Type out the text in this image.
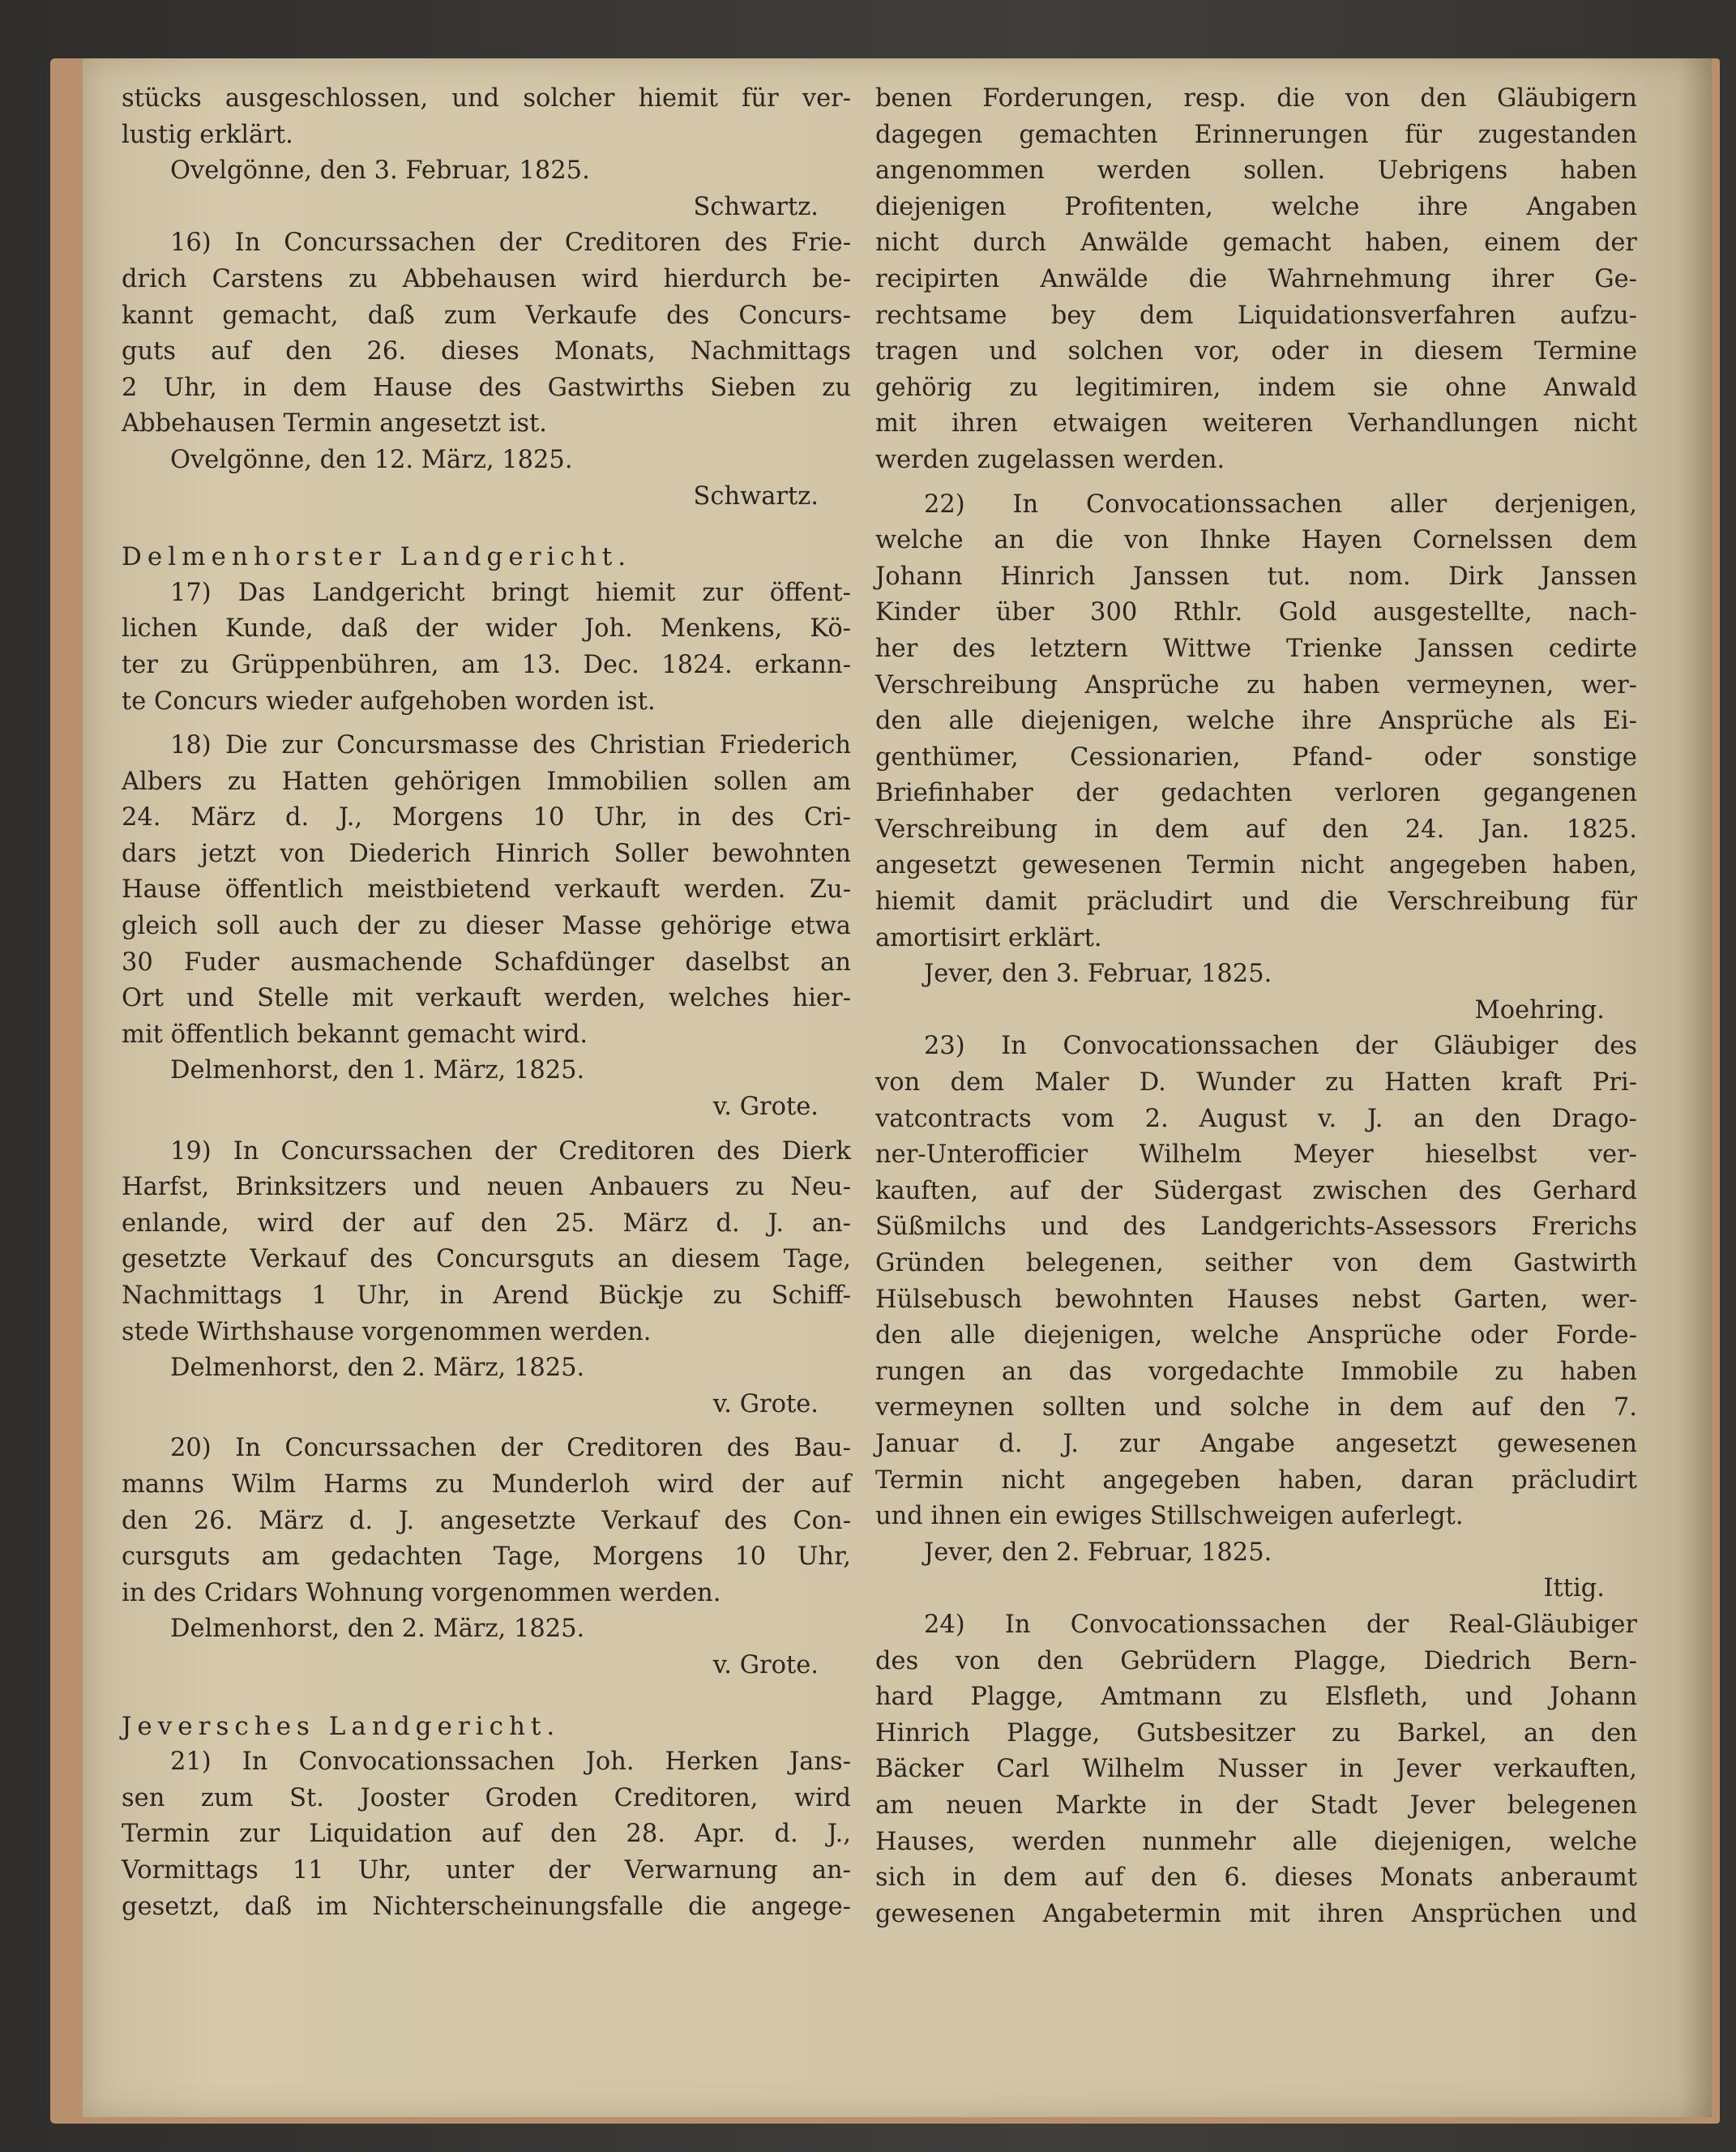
stücks ausgeschlossen, und solcher hiemit für ver-
lustig erklärt.

Ovelgönne, den 3. Februar, 1825.

Schwartz.

16) In Concurssachen der Creditoren des Frie-
drich Carstens zu Abbehausen wird hierdurch be-
kannt gemacht, daß zum Verkaufe des Concurs-
guts auf den 26. dieses Monats, Nachmittags
2 Uhr, in dem Hause des Gastwirths Sieben zu
Abbehausen Termin angesetzt ist.

Ovelgönne, den 12. März, 1825.

Schwartz.

Delmenhorster Landgericht.

17) Das Landgericht bringt hiemit zur öffent-
lichen Kunde, daß der wider Joh. Menkens, Kö-
ter zu Grüppenbühren, am 13. Dec. 1824. erkann-
te Concurs wieder aufgehoben worden ist.
18) Die zur Concursmasse des Christian Friederich
Albers zu Hatten gehörigen Immobilien sollen am
24. März d. J., Morgens 10 Uhr, in des Cri-
dars jetzt von Diederich Hinrich Soller bewohnten
Hause öffentlich meistbietend verkauft werden. Zu-
gleich soll auch der zu dieser Masse gehörige etwa
30 Fuder ausmachende Schafdünger daselbst an
Ort und Stelle mit verkauft werden, welches hier-
mit öffentlich bekannt gemacht wird.

Delmenhorst, den 1. März, 1825.

v. Grote.

19) In Concurssachen der Creditoren des Dierk
Harfst, Brinksitzers und neuen Anbauers zu Neu-
enlande, wird der auf den 25. März d. J. an-
gesetzte Verkauf des Concursguts an diesem Tage,
Nachmittags 1 Uhr, in Arend Bückje zu Schiff-
stede Wirthshause vorgenommen werden.

Delmenhorst, den 2. März, 1825.

v. Grote.

20) In Concurssachen der Creditoren des Bau-
manns Wilm Harms zu Munderloh wird der auf
den 26. März d. J. angesetzte Verkauf des Con-
cursguts am gedachten Tage, Morgens 10 Uhr,
in des Cridars Wohnung vorgenommen werden.

Delmenhorst, den 2. März, 1825.

v. Grote.

Jeversches Landgericht.

21) In Convocationssachen Joh. Herken Jans-
sen zum St. Jooster Groden Creditoren, wird
Termin zur Liquidation auf den 28. Apr. d. J.,
Vormittags 11 Uhr, unter der Verwarnung an-
gesetzt, daß im Nichterscheinungsfalle die angege-
benen Forderungen, resp. die von den Gläubigern
dagegen gemachten Erinnerungen für zugestanden
angenommen werden sollen. Uebrigens haben
diejenigen Profitenten, welche ihre Angaben
nicht durch Anwälde gemacht haben, einem der
recipirten Anwälde die Wahrnehmung ihrer Ge-
rechtsame bey dem Liquidationsverfahren aufzu-
tragen und solchen vor, oder in diesem Termine
gehörig zu legitimiren, indem sie ohne Anwald
mit ihren etwaigen weiteren Verhandlungen nicht
werden zugelassen werden.
22) In Convocationssachen aller derjenigen,
welche an die von Ihnke Hayen Cornelssen dem
Johann Hinrich Janssen tut. nom. Dirk Janssen
Kinder über 300 Rthlr. Gold ausgestellte, nach-
her des letztern Wittwe Trienke Janssen cedirte
Verschreibung Ansprüche zu haben vermeynen, wer-
den alle diejenigen, welche ihre Ansprüche als Ei-
genthümer, Cessionarien, Pfand- oder sonstige
Briefinhaber der gedachten verloren gegangenen
Verschreibung in dem auf den 24. Jan. 1825.
angesetzt gewesenen Termin nicht angegeben haben,
hiemit damit präcludirt und die Verschreibung für
amortisirt erklärt.

Jever, den 3. Februar, 1825.

Moehring.

23) In Convocationssachen der Gläubiger des
von dem Maler D. Wunder zu Hatten kraft Pri-
vatcontracts vom 2. August v. J. an den Drago-
ner-Unterofficier Wilhelm Meyer hieselbst ver-
kauften, auf der Südergast zwischen des Gerhard
Süßmilchs und des Landgerichts-Assessors Frerichs
Gründen belegenen, seither von dem Gastwirth
Hülsebusch bewohnten Hauses nebst Garten, wer-
den alle diejenigen, welche Ansprüche oder Forde-
rungen an das vorgedachte Immobile zu haben
vermeynen sollten und solche in dem auf den 7.
Januar d. J. zur Angabe angesetzt gewesenen
Termin nicht angegeben haben, daran präcludirt
und ihnen ein ewiges Stillschweigen auferlegt.

Jever, den 2. Februar, 1825.

Ittig.

24) In Convocationssachen der Real-Gläubiger
des von den Gebrüdern Plagge, Diedrich Bern-
hard Plagge, Amtmann zu Elsfleth, und Johann
Hinrich Plagge, Gutsbesitzer zu Barkel, an den
Bäcker Carl Wilhelm Nusser in Jever verkauften,
am neuen Markte in der Stadt Jever belegenen
Hauses, werden nunmehr alle diejenigen, welche
sich in dem auf den 6. dieses Monats anberaumt
gewesenen Angabetermin mit ihren Ansprüchen und
